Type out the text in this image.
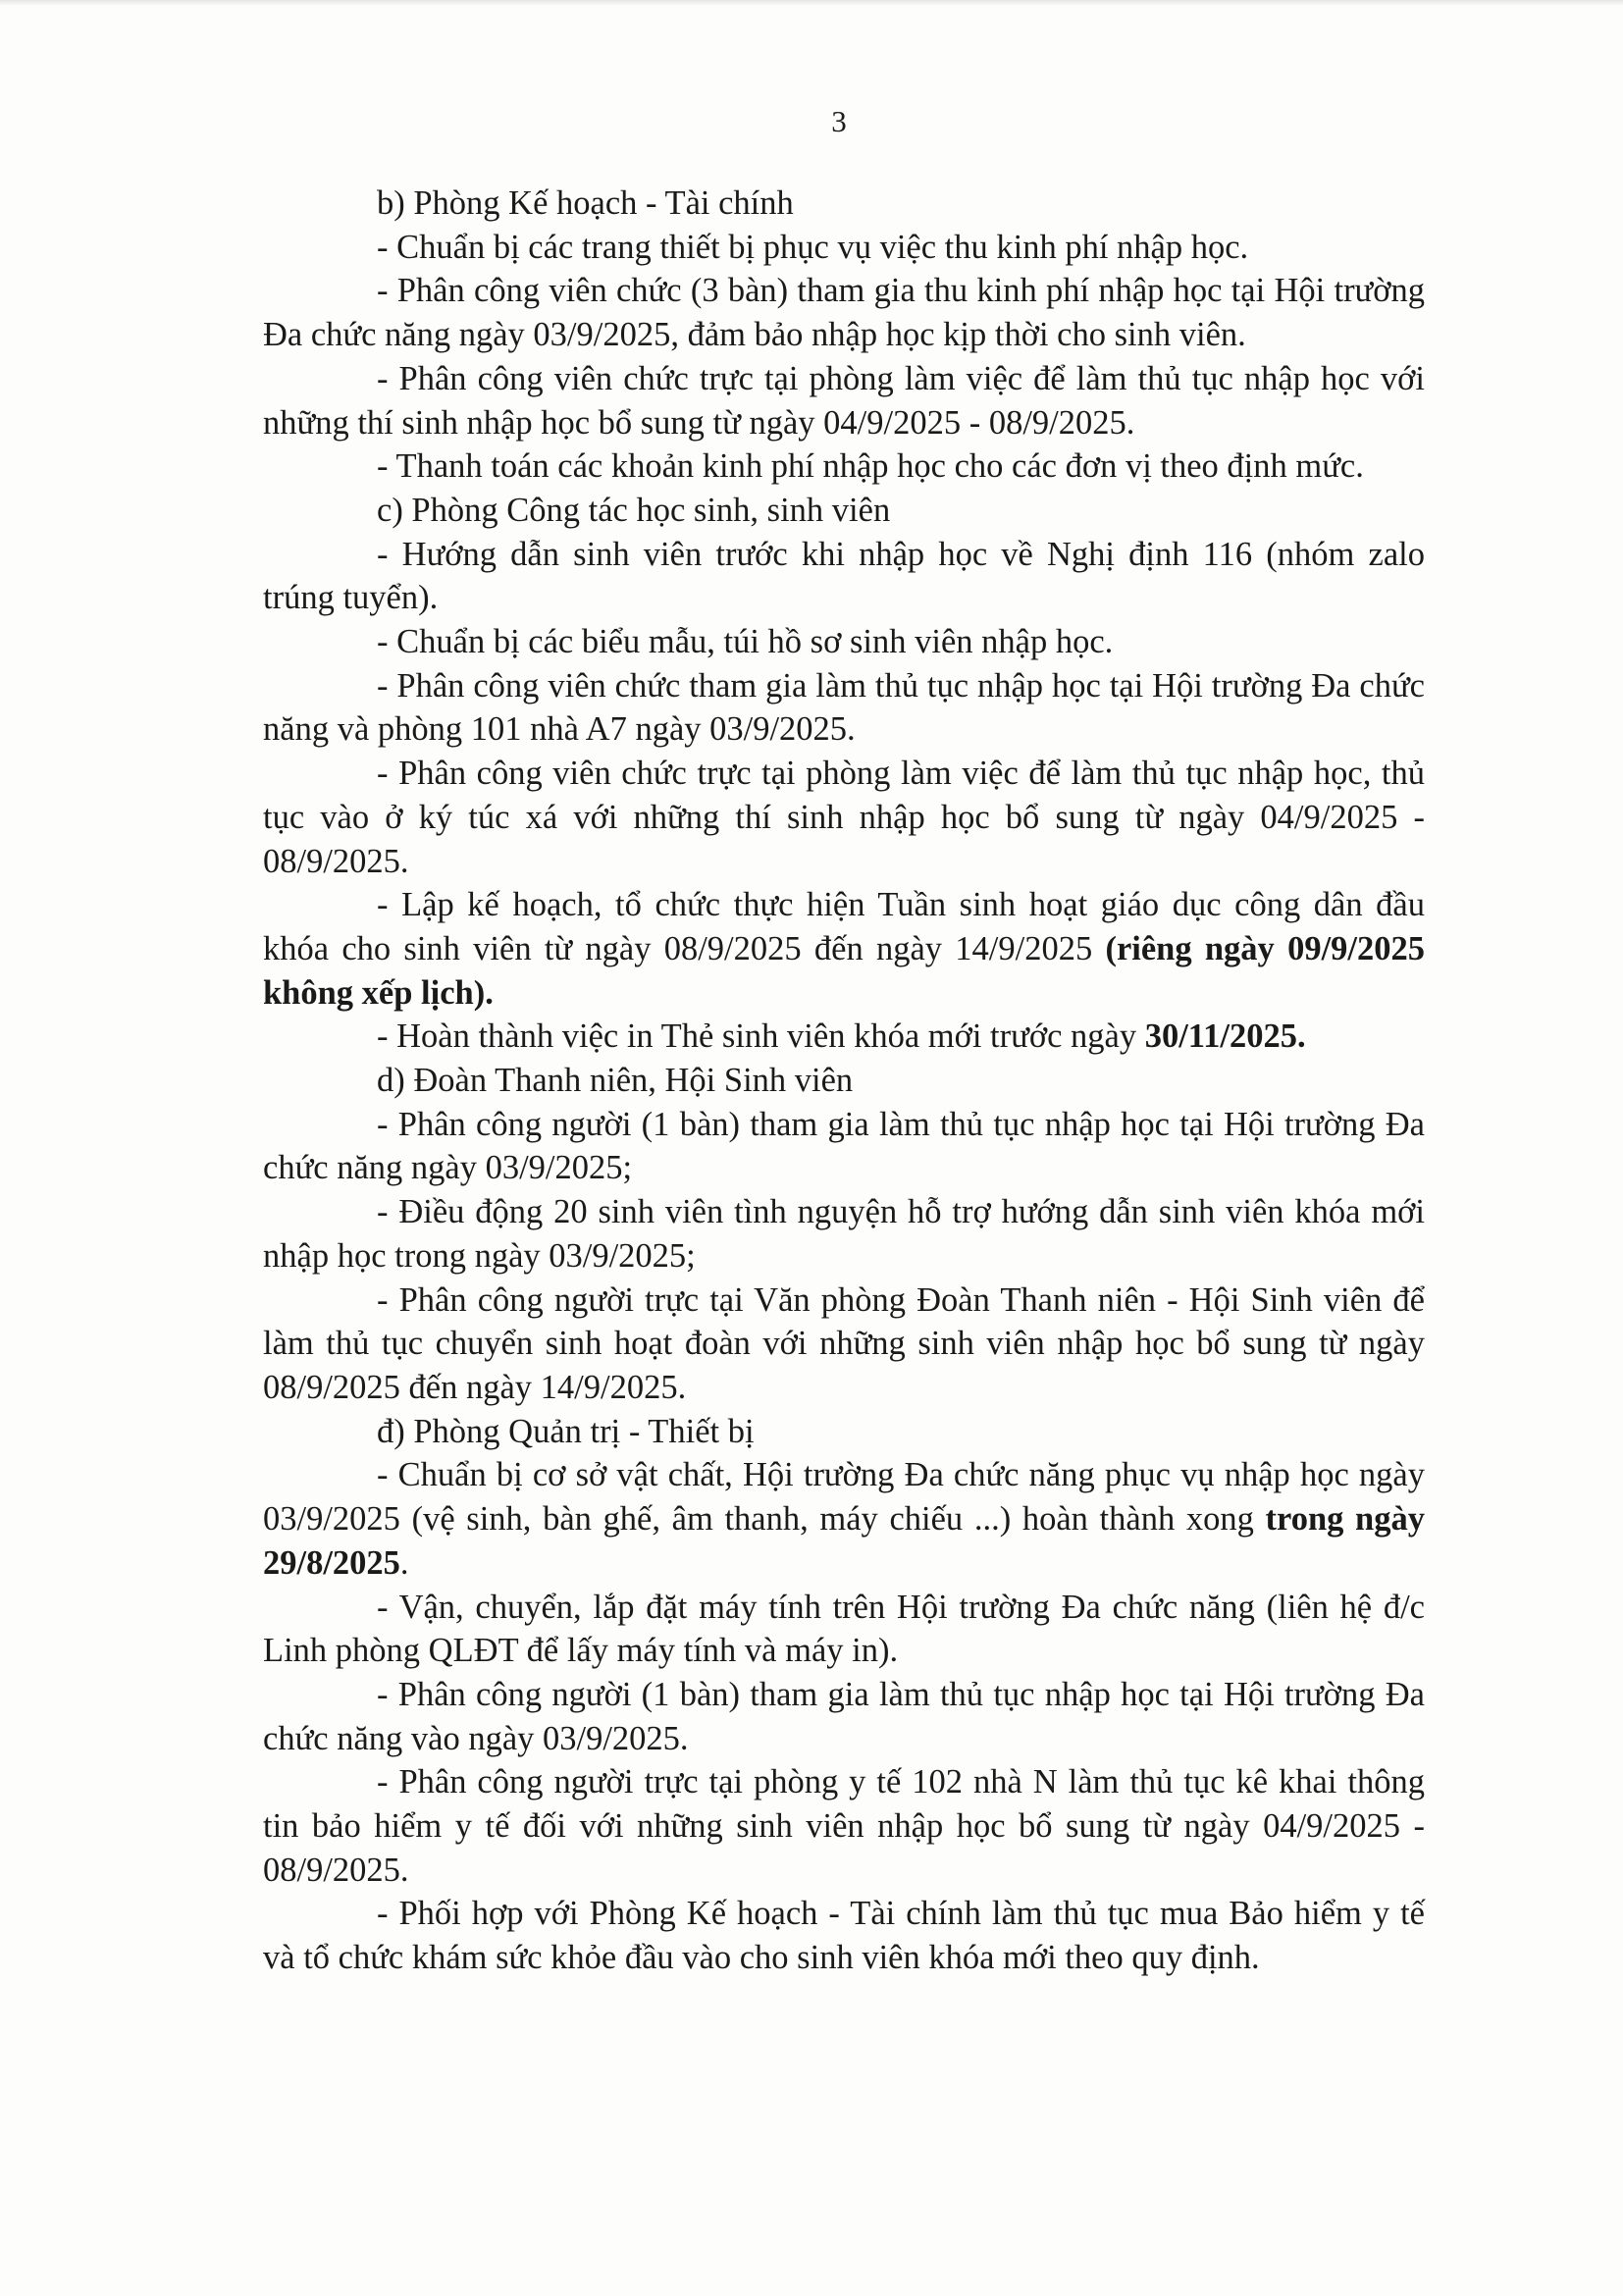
3

b) Phòng Kế hoạch - Tài chính

- Chuẩn bị các trang thiết bị phục vụ việc thu kinh phí nhập học.

- Phân công viên chức (3 bàn) tham gia thu kinh phí nhập học tại Hội trường Đa chức năng ngày 03/9/2025, đảm bảo nhập học kịp thời cho sinh viên.

- Phân công viên chức trực tại phòng làm việc để làm thủ tục nhập học với những thí sinh nhập học bổ sung từ ngày 04/9/2025 - 08/9/2025.

- Thanh toán các khoản kinh phí nhập học cho các đơn vị theo định mức.

c) Phòng Công tác học sinh, sinh viên

- Hướng dẫn sinh viên trước khi nhập học về Nghị định 116 (nhóm zalo trúng tuyển).

- Chuẩn bị các biểu mẫu, túi hồ sơ sinh viên nhập học.

- Phân công viên chức tham gia làm thủ tục nhập học tại Hội trường Đa chức năng và phòng 101 nhà A7 ngày 03/9/2025.

- Phân công viên chức trực tại phòng làm việc để làm thủ tục nhập học, thủ tục vào ở ký túc xá với những thí sinh nhập học bổ sung từ ngày 04/9/2025 - 08/9/2025.

- Lập kế hoạch, tổ chức thực hiện Tuần sinh hoạt giáo dục công dân đầu khóa cho sinh viên từ ngày 08/9/2025 đến ngày 14/9/2025 (riêng ngày 09/9/2025 không xếp lịch).

- Hoàn thành việc in Thẻ sinh viên khóa mới trước ngày 30/11/2025.

d) Đoàn Thanh niên, Hội Sinh viên

- Phân công người (1 bàn) tham gia làm thủ tục nhập học tại Hội trường Đa chức năng ngày 03/9/2025;

- Điều động 20 sinh viên tình nguyện hỗ trợ hướng dẫn sinh viên khóa mới nhập học trong ngày 03/9/2025;

- Phân công người trực tại Văn phòng Đoàn Thanh niên - Hội Sinh viên để làm thủ tục chuyển sinh hoạt đoàn với những sinh viên nhập học bổ sung từ ngày 08/9/2025 đến ngày 14/9/2025.

đ) Phòng Quản trị - Thiết bị

- Chuẩn bị cơ sở vật chất, Hội trường Đa chức năng phục vụ nhập học ngày 03/9/2025 (vệ sinh, bàn ghế, âm thanh, máy chiếu ...) hoàn thành xong trong ngày 29/8/2025.

- Vận, chuyển, lắp đặt máy tính trên Hội trường Đa chức năng (liên hệ đ/c Linh phòng QLĐT để lấy máy tính và máy in).

- Phân công người (1 bàn) tham gia làm thủ tục nhập học tại Hội trường Đa chức năng vào ngày 03/9/2025.

- Phân công người trực tại phòng y tế 102 nhà N làm thủ tục kê khai thông tin bảo hiểm y tế đối với những sinh viên nhập học bổ sung từ ngày 04/9/2025 - 08/9/2025.

- Phối hợp với Phòng Kế hoạch - Tài chính làm thủ tục mua Bảo hiểm y tế và tổ chức khám sức khỏe đầu vào cho sinh viên khóa mới theo quy định.
